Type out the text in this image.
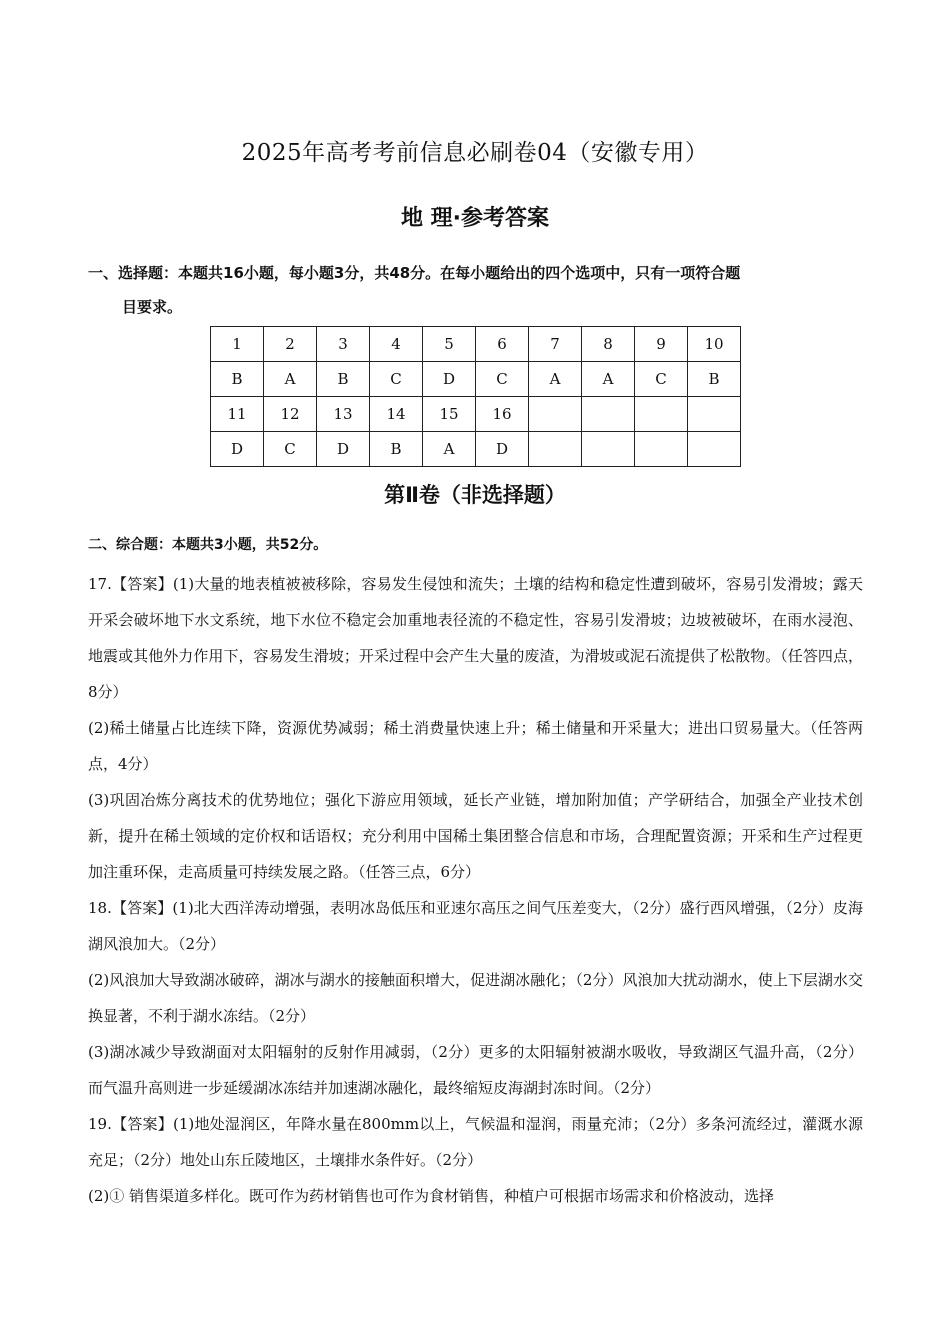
2025年高考考前信息必刷卷04（安徽专用）
地 理·参考答案
一、选择题：本题共16小题，每小题3分，共48分。在每小题给出的四个选项中，只有一项符合题
目要求。
1	2	3	4	5	6	7	8	9	10
B	A	B	C	D	C	A	A	C	B
11	12	13	14	15	16				
D	C	D	B	A	D				
第Ⅱ卷（非选择题）
二、综合题：本题共3小题，共52分。

17.【答案】(1)大量的地表植被被移除，容易发生侵蚀和流失；土壤的结构和稳定性遭到破坏，容易引发滑坡；露天开采会破坏地下水文系统，地下水位不稳定会加重地表径流的不稳定性，容易引发滑坡；边坡被破坏，在雨水浸泡、地震或其他外力作用下，容易发生滑坡；开采过程中会产生大量的废渣，为滑坡或泥石流提供了松散物。（任答四点，8分）

(2)稀土储量占比连续下降，资源优势减弱；稀土消费量快速上升；稀土储量和开采量大；进出口贸易量大。（任答两点，4分）

(3)巩固冶炼分离技术的优势地位；强化下游应用领域，延长产业链，增加附加值；产学研结合，加强全产业技术创新，提升在稀土领域的定价权和话语权；充分利用中国稀土集团整合信息和市场，合理配置资源；开采和生产过程更加注重环保，走高质量可持续发展之路。（任答三点，6分）

18.【答案】(1)北大西洋涛动增强，表明冰岛低压和亚速尔高压之间气压差变大，（2分）盛行西风增强，（2分）皮海湖风浪加大。（2分）

(2)风浪加大导致湖冰破碎，湖冰与湖水的接触面积增大，促进湖冰融化；（2分）风浪加大扰动湖水，使上下层湖水交换显著，不利于湖水冻结。（2分）

(3)湖冰减少导致湖面对太阳辐射的反射作用减弱，（2分）更多的太阳辐射被湖水吸收，导致湖区气温升高，（2分）而气温升高则进一步延缓湖冰冻结并加速湖冰融化，最终缩短皮海湖封冻时间。（2分）

19.【答案】(1)地处湿润区，年降水量在800mm以上，气候温和湿润，雨量充沛；（2分）多条河流经过，灌溉水源充足；（2分）地处山东丘陵地区，土壤排水条件好。（2分）

(2)① 销售渠道多样化。既可作为药材销售也可作为食材销售，种植户可根据市场需求和价格波动，选择
